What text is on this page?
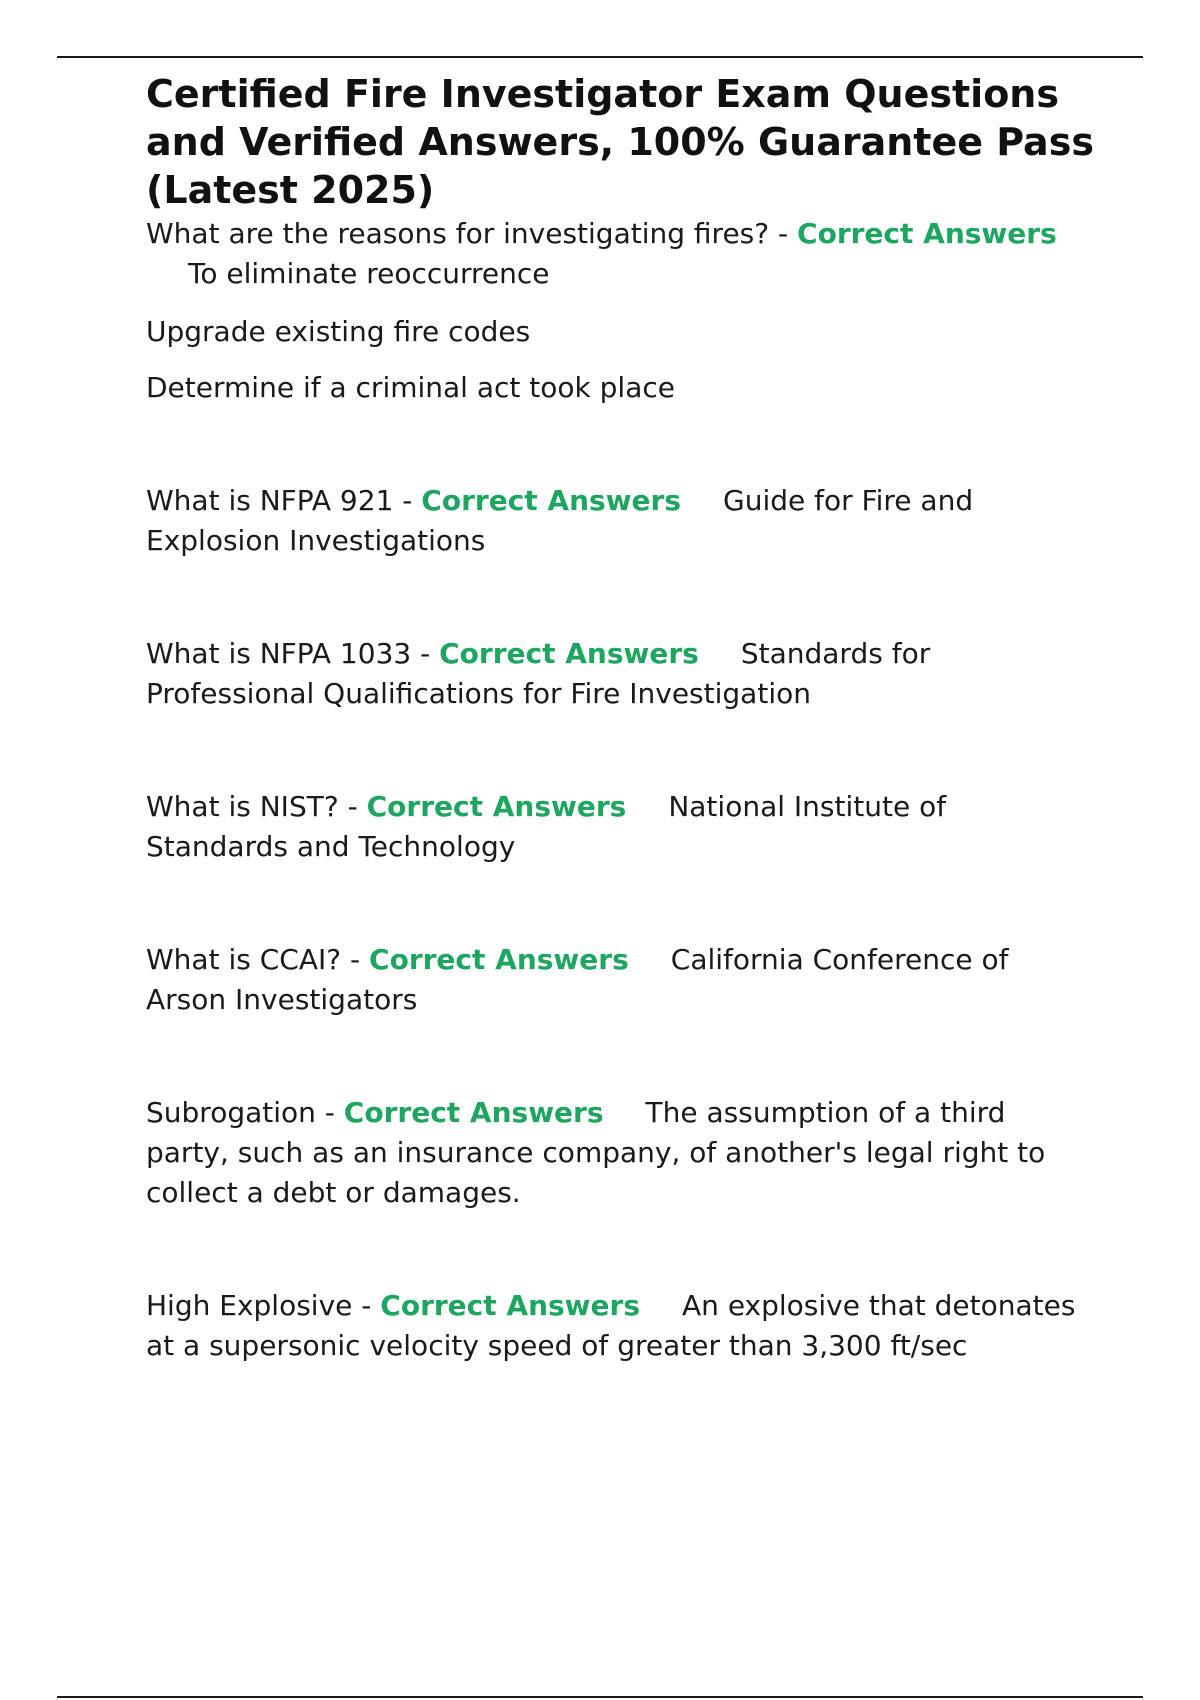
Certified Fire Investigator Exam Questions and Verified Answers, 100% Guarantee Pass (Latest 2025)

What are the reasons for investigating fires? - Correct AnswersTo eliminate reoccurrence

Upgrade existing fire codes

Determine if a criminal act took place

What is NFPA 921 - Correct Answers Guide for Fire and Explosion Investigations

What is NFPA 1033 - Correct Answers Standards for Professional Qualifications for Fire Investigation

What is NIST? - Correct Answers National Institute of Standards and Technology

What is CCAI? - Correct Answers California Conference of Arson Investigators

Subrogation - Correct Answers The assumption of a third party, such as an insurance company, of another's legal right to collect a debt or damages.

High Explosive - Correct Answers An explosive that detonates at a supersonic velocity speed of greater than 3,300 ft/sec
